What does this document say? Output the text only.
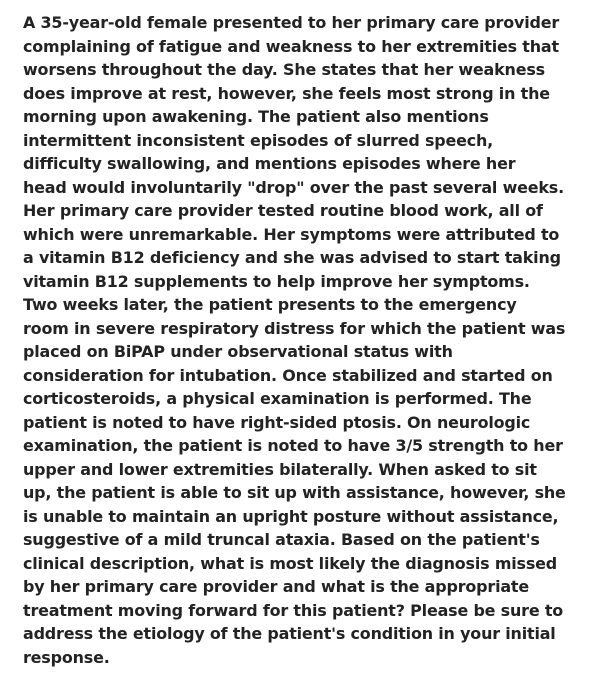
A 35-year-old female presented to her primary care provider
complaining of fatigue and weakness to her extremities that
worsens throughout the day. She states that her weakness
does improve at rest, however, she feels most strong in the
morning upon awakening. The patient also mentions
intermittent inconsistent episodes of slurred speech,
difficulty swallowing, and mentions episodes where her
head would involuntarily "drop" over the past several weeks.
Her primary care provider tested routine blood work, all of
which were unremarkable. Her symptoms were attributed to
a vitamin B12 deficiency and she was advised to start taking
vitamin B12 supplements to help improve her symptoms.
Two weeks later, the patient presents to the emergency
room in severe respiratory distress for which the patient was
placed on BiPAP under observational status with
consideration for intubation. Once stabilized and started on
corticosteroids, a physical examination is performed. The
patient is noted to have right-sided ptosis. On neurologic
examination, the patient is noted to have 3/5 strength to her
upper and lower extremities bilaterally. When asked to sit
up, the patient is able to sit up with assistance, however, she
is unable to maintain an upright posture without assistance,
suggestive of a mild truncal ataxia. Based on the patient's
clinical description, what is most likely the diagnosis missed
by her primary care provider and what is the appropriate
treatment moving forward for this patient? Please be sure to
address the etiology of the patient's condition in your initial
response.
